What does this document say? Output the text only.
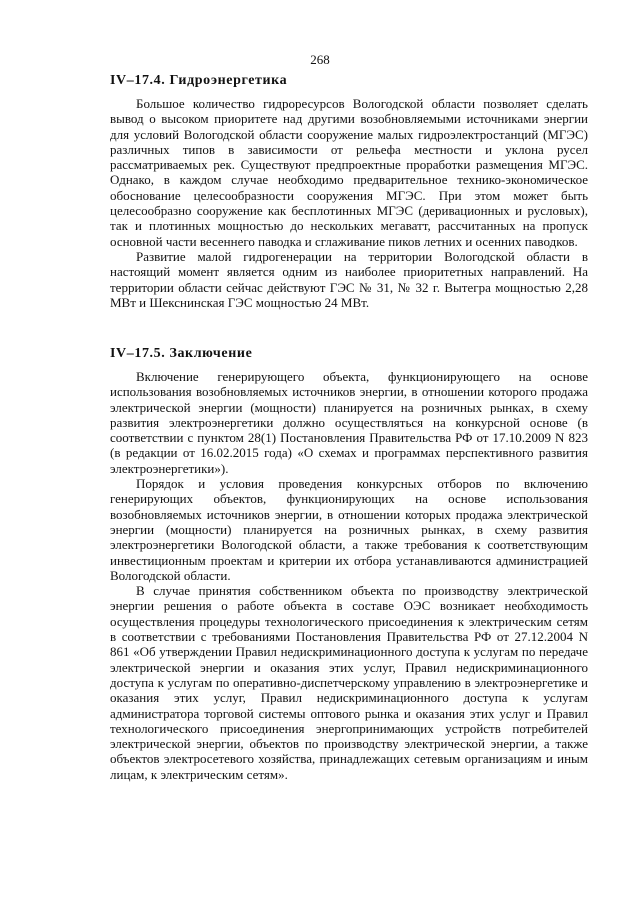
268
IV–17.4. Гидроэнергетика

Большое количество гидроресурсов Вологодской области позволяет сделать вывод о высоком приоритете над другими возобновляемыми источниками энергии для условий Вологодской области сооружение малых гидроэлектростанций (МГЭС) различных типов в зависимости от рельефа местности и уклона русел рассматриваемых рек. Существуют предпроектные проработки размещения МГЭС. Однако, в каждом случае необходимо предварительное технико-экономическое обоснование целесообразности сооружения МГЭС. При этом может быть целесообразно сооружение как бесплотинных МГЭС (деривационных и русловых), так и плотинных мощностью до нескольких мегаватт, рассчитанных на пропуск основной части весеннего паводка и сглаживание пиков летних и осенних паводков.

Развитие малой гидрогенерации на территории Вологодской области в настоящий момент является одним из наиболее приоритетных направлений. На территории области сейчас действуют ГЭС № 31, № 32 г. Вытегра мощностью 2,28 МВт и Шекснинская ГЭС мощностью 24 МВт.

IV–17.5. Заключение

Включение генерирующего объекта, функционирующего на основе использования возобновляемых источников энергии, в отношении которого продажа электрической энергии (мощности) планируется на розничных рынках, в схему развития электроэнергетики должно осуществляться на конкурсной основе (в соответствии с пунктом 28(1) Постановления Правительства РФ от 17.10.2009 N 823 (в редакции от 16.02.2015 года) «О схемах и программах перспективного развития электроэнергетики»).

Порядок и условия проведения конкурсных отборов по включению генерирующих объектов, функционирующих на основе использования возобновляемых источников энергии, в отношении которых продажа электрической энергии (мощности) планируется на розничных рынках, в схему развития электроэнергетики Вологодской области, а также требования к соответствующим инвестиционным проектам и критерии их отбора устанавливаются администрацией Вологодской области.

В случае принятия собственником объекта по производству электрической энергии решения о работе объекта в составе ОЭС возникает необходимость осуществления процедуры технологического присоединения к электрическим сетям в соответствии с требованиями Постановления Правительства РФ от 27.12.2004 N 861 «Об утверждении Правил недискриминационного доступа к услугам по передаче электрической энергии и оказания этих услуг, Правил недискриминационного доступа к услугам по оперативно-диспетчерскому управлению в электроэнергетике и оказания этих услуг, Правил недискриминационного доступа к услугам администратора торговой системы оптового рынка и оказания этих услуг и Правил технологического присоединения энергопринимающих устройств потребителей электрической энергии, объектов по производству электрической энергии, а также объектов электросетевого хозяйства, принадлежащих сетевым организациям и иным лицам, к электрическим сетям».
